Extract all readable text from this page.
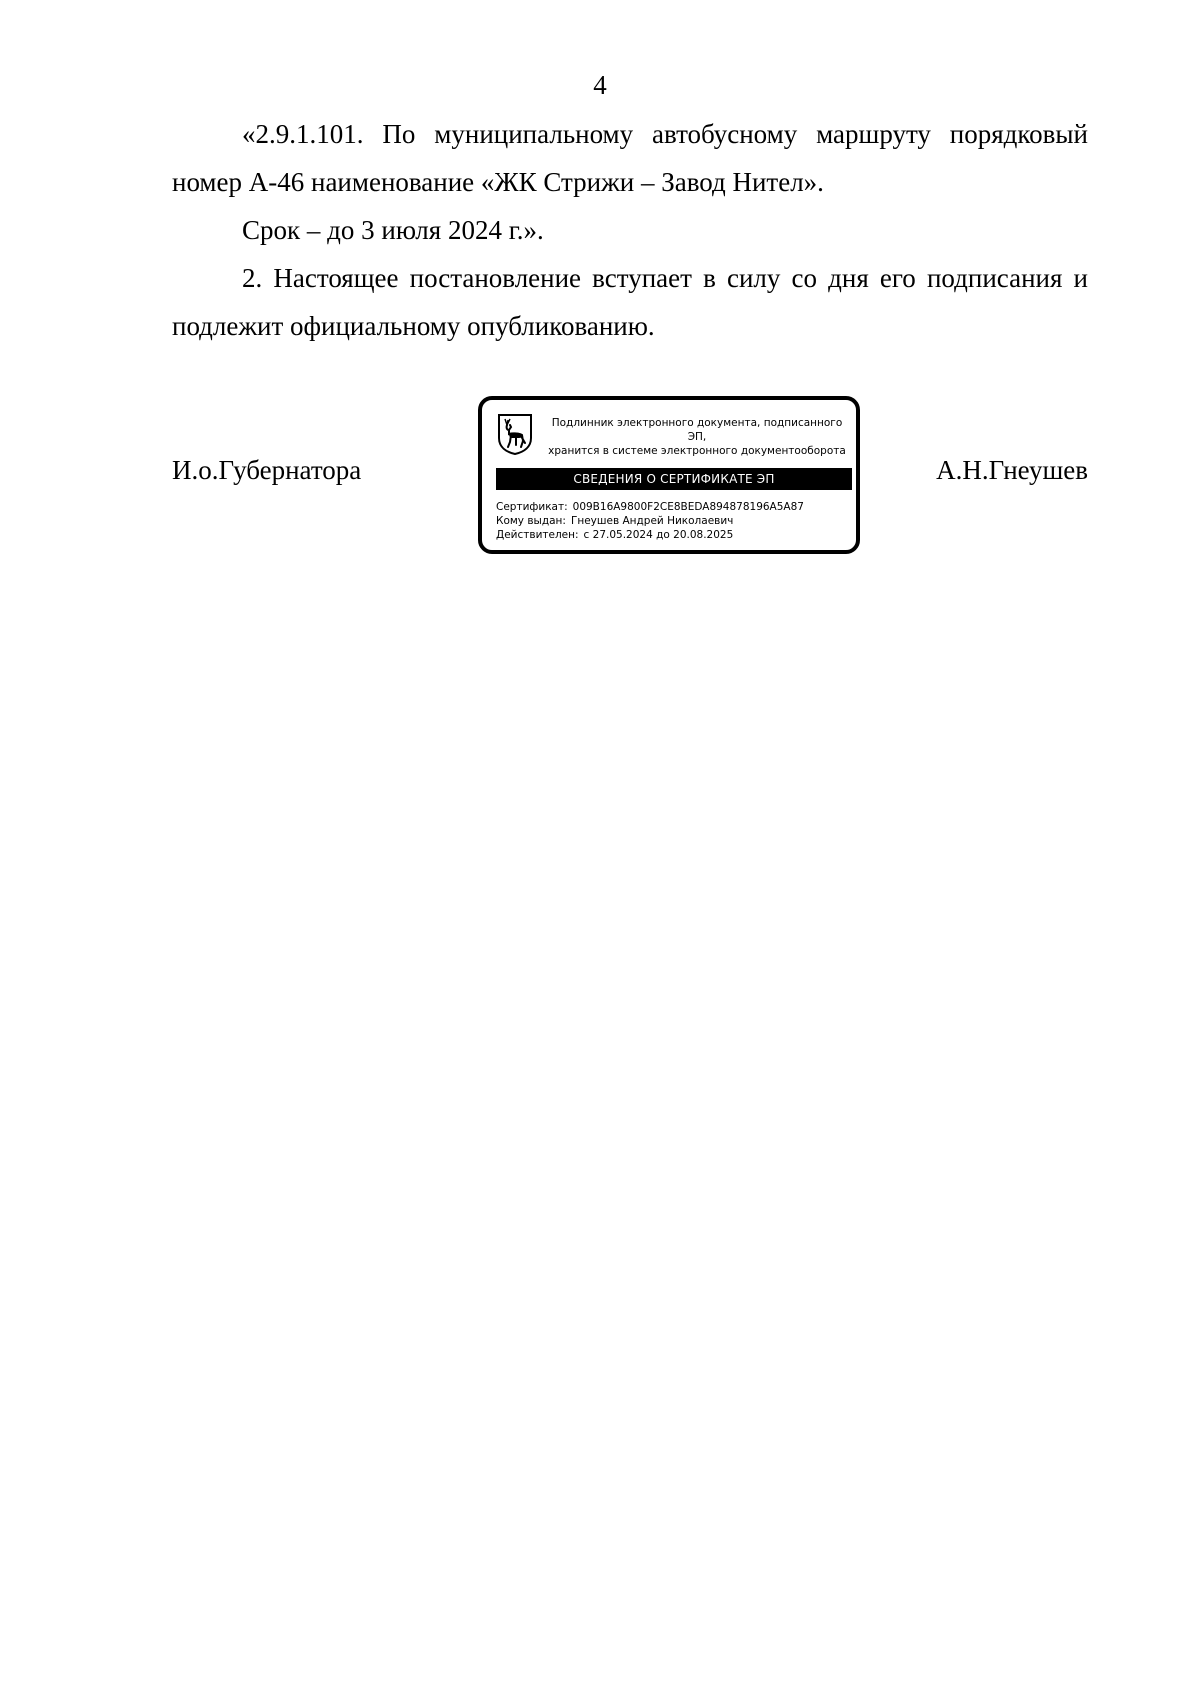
4
«2.9.1.101. По муниципальному автобусному маршруту порядковый номер А-46 наименование «ЖК Стрижи – Завод Нител».
Срок – до 3 июля 2024 г.».
2. Настоящее постановление вступает в силу со дня его подписания и подлежит официальному опубликованию.
И.о.Губернатора	А.Н.Гнеушев
Подлинник электронного документа, подписанного ЭП,
хранится в системе электронного документооборота
СВЕДЕНИЯ О СЕРТИФИКАТЕ ЭП
Сертификат: 009B16A9800F2CE8BEDA894878196A5A87
Кому выдан: Гнеушев Андрей Николаевич
Действителен: с 27.05.2024 до 20.08.2025
